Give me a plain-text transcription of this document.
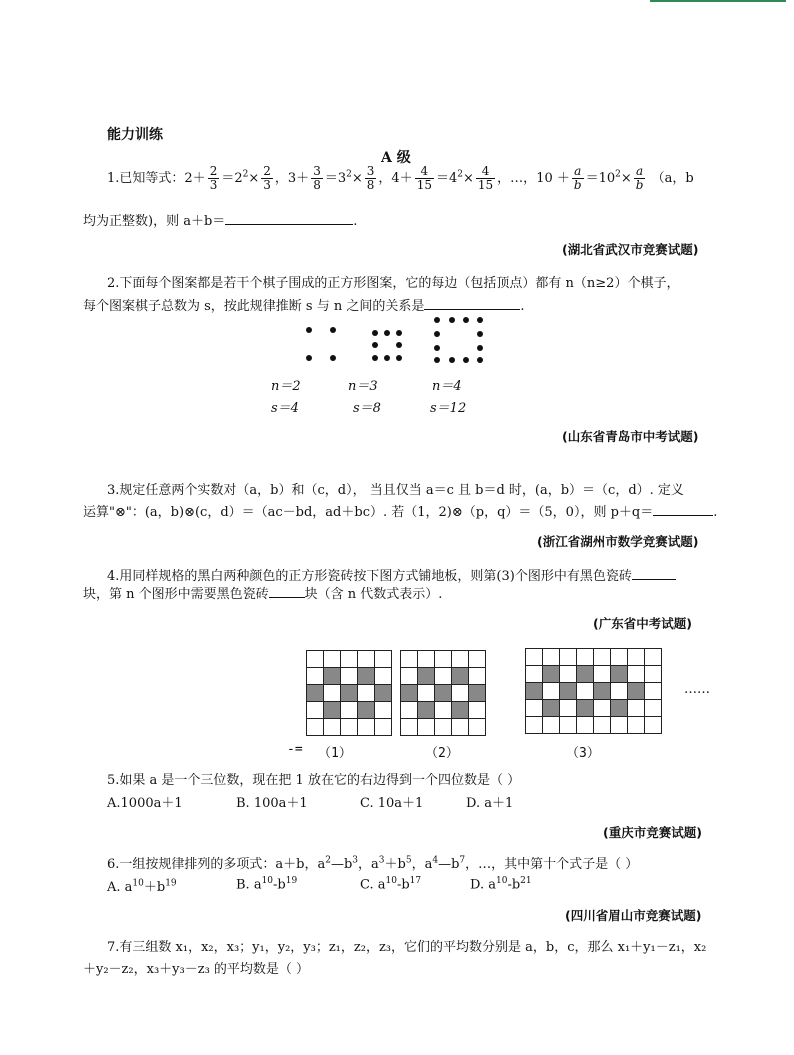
能力训练
A 级
1.已知等式：$2+ \frac{2}{3} =2^2\times \frac{2}{3}$ ，$3+ \frac{3}{8} =3^2\times \frac{3}{8}$ ，$4+ \frac{4}{15} =4^2\times \frac{4}{15}$ ，…，$10 + \frac{a}{b} =10^2\times \frac{a}{b} (a$，b
均为正整数)，则 a＋b＝	.
(湖北省武汉市竞赛试题)
2.下面每个图案都是若干个棋子围成的正方形图案，它的每边（包括顶点）都有 n（n≥2）个棋子，
每个图案棋子总数为 s，按此规律推断 s 与 n 之间的关系是	.
n＝2	n＝3	n＝4
s＝4	s＝8	s＝12
(山东省青岛市中考试题)
3.规定任意两个实数对（a，b）和（c，d）， 当且仅当 a＝c 且 b＝d 时，(a，b）＝（c，d）. 定义
运算"⊗"：(a，b)⊗(c，d）＝（ac－bd，ad＋bc）. 若（1，2)⊗（p，q）＝（5，0），则 p＋q＝	.
(浙江省湖州市数学竞赛试题)
4.用同样规格的黑白两种颜色的正方形瓷砖按下图方式铺地板，则第(3)个图形中有黑色瓷砖
块，第 n 个图形中需要黑色瓷砖	块（含 n 代数式表示）.
(广东省中考试题)

……
-= （1）	（2）	（3）
5.如果 a 是一个三位数，现在把 1 放在它的右边得到一个四位数是（ ）
A.1000a＋1	B. 100a＋1	C. 10a＋1	D. a＋1
(重庆市竞赛试题)
6.一组按规律排列的多项式：a＋b，$a^2—b^3$，$a^3+b^5$，$a^4—b^7$，…，其中第十个式子是（ ）
A. $a^{10}+b^{19}$	B. $a^{10}-b^{19}$	C. $a^{10}-b^{17}$	D. $a^{10}-b^{21}$
(四川省眉山市竞赛试题)
7.有三组数 x₁，x₂，x₃；y₁，y₂，y₃；z₁，z₂，z₃，它们的平均数分别是 a，b，c，那么 x₁＋y₁－z₁，x₂
＋y₂－z₂，x₃＋y₃－z₃ 的平均数是（ ）
